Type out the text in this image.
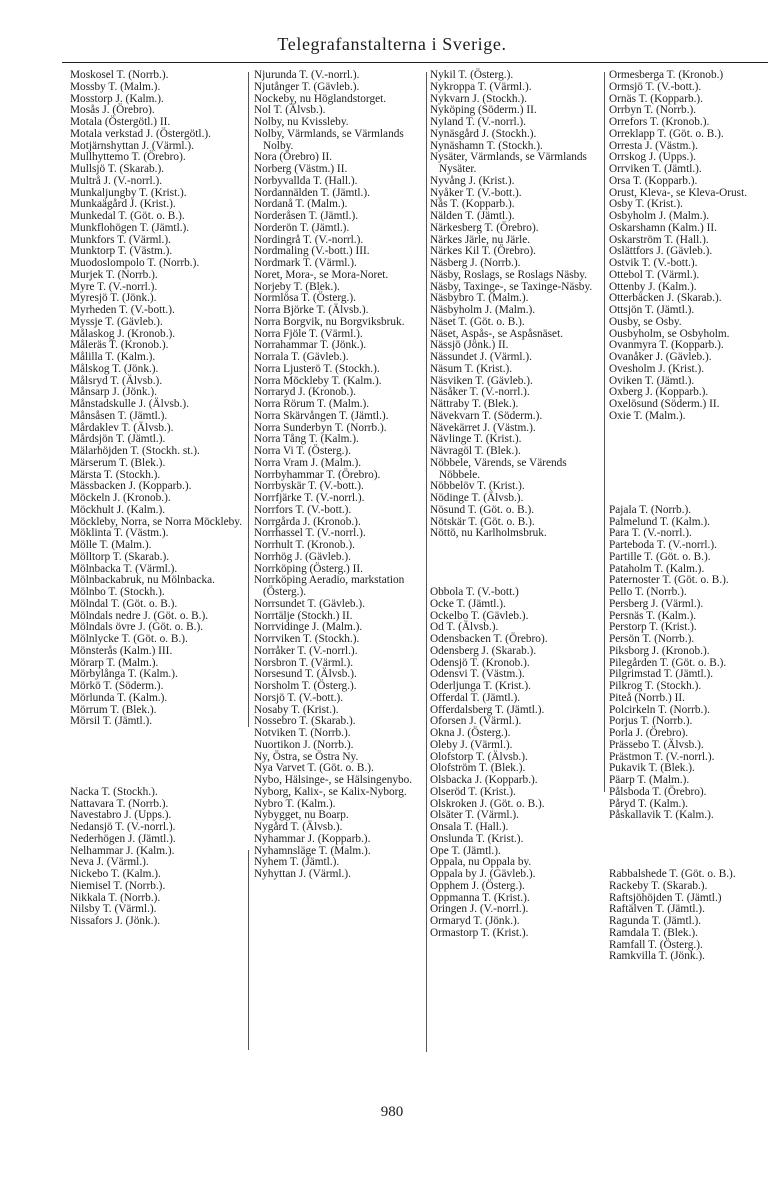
Telegrafanstalterna i Sverige.
Moskosel T. (Norrb.).
Mossby T. (Malm.).
Mosstorp J. (Kalm.).
Mosås J. (Örebro).
Motala (Östergötl.) II.
Motala verkstad J. (Östergötl.).
Motjärnshyttan J. (Värml.).
Mullhyttemo T. (Örebro).
Mullsjö T. (Skarab.).
Multrå J. (V.-norrl.).
Munkaljungby T. (Krist.).
Munkaägård J. (Krist.).
Munkedal T. (Göt. o. B.).
Munkflohögen T. (Jämtl.).
Munkfors T. (Värml.).
Munktorp T. (Västm.).
Muodoslompolo T. (Norrb.).
Murjek T. (Norrb.).
Myre T. (V.-norrl.).
Myresjö T. (Jönk.).
Myrheden T. (V.-bott.).
Myssje T. (Gävleb.).
Målaskog J. (Kronob.).
Måleräs T. (Kronob.).
Målilla T. (Kalm.).
Målskog T. (Jönk.).
Målsryd T. (Älvsb.).
Månsarp J. (Jönk.).
Månstadskulle J. (Älvsb.).
Månsåsen T. (Jämtl.).
Mårdaklev T. (Älvsb.).
Mårdsjön T. (Jämtl.).
Mälarhöjden T. (Stockh. st.).
Märserum T. (Blek.).
Märsta T. (Stockh.).
Mässbacken J. (Kopparb.).
Möckeln J. (Kronob.).
Möckhult J. (Kalm.).
Möckleby, Norra, se Norra Möckleby.
Möklinta T. (Västm.).
Mölle T. (Malm.).
Mölltorp T. (Skarab.).
Mölnbacka T. (Värml.).
Mölnbackabruk, nu Mölnbacka.
Mölnbo T. (Stockh.).
Mölndal T. (Göt. o. B.).
Mölndals nedre J. (Göt. o. B.).
Mölndals övre J. (Göt. o. B.).
Mölnlycke T. (Göt. o. B.).
Mönsterås (Kalm.) III.
Mörarp T. (Malm.).
Mörbylånga T. (Kalm.).
Mörkö T. (Söderm.).
Mörlunda T. (Kalm.).
Mörrum T. (Blek.).
Mörsil T. (Jämtl.).
Nacka T. (Stockh.).
Nattavara T. (Norrb.).
Navestabro J. (Upps.).
Nedansjö T. (V.-norrl.).
Nederhögen J. (Jämtl.).
Nelhammar J. (Kalm.).
Neva J. (Värml.).
Nickebo T. (Kalm.).
Niemisel T. (Norrb.).
Nikkala T. (Norrb.).
Nilsby T. (Värml.).
Nissafors J. (Jönk.).
Njurunda T. (V.-norrl.).
Njutånger T. (Gävleb.).
Nockeby, nu Höglandstorget.
Nol T. (Älvsb.).
Nolby, nu Kvissleby.
Nolby, Värmlands, se Värmlands Nolby.
Nora (Örebro) II.
Norberg (Västm.) II.
Norbyvallda T. (Hall.).
Nordannälden T. (Jämtl.).
Nordanå T. (Malm.).
Norderåsen T. (Jämtl.).
Norderön T. (Jämtl.).
Nordingrå T. (V.-norrl.).
Nordmaling (V.-bott.) III.
Nordmark T. (Värml.).
Noret, Mora-, se Mora-Noret.
Norjeby T. (Blek.).
Normlösa T. (Österg.).
Norra Björke T. (Älvsb.).
Norra Borgvik, nu Borgviksbruk.
Norra Fjöle T. (Värml.).
Norrahammar T. (Jönk.).
Norrala T. (Gävleb.).
Norra Ljusterö T. (Stockh.).
Norra Möckleby T. (Kalm.).
Norraryd J. (Kronob.).
Norra Rörum T. (Malm.).
Norra Skärvången T. (Jämtl.).
Norra Sunderbyn T. (Norrb.).
Norra Tång T. (Kalm.).
Norra Vi T. (Österg.).
Norra Vram J. (Malm.).
Norrbyhammar T. (Örebro).
Norrbyskär T. (V.-bott.).
Norrfjärke T. (V.-norrl.).
Norrfors T. (V.-bott.).
Norrgårda J. (Kronob.).
Norrhassel T. (V.-norrl.).
Norrhult T. (Kronob.).
Norrhög J. (Gävleb.).
Norrköping (Österg.) II.
Norrköping Aeradio, markstation (Österg.).
Norrsundet T. (Gävleb.).
Norrtälje (Stockh.) II.
Norrvidinge J. (Malm.).
Norrviken T. (Stockh.).
Norråker T. (V.-norrl.).
Norsbron T. (Värml.).
Norsesund T. (Älvsb.).
Norsholm T. (Österg.).
Norsjö T. (V.-bott.).
Nosaby T. (Krist.).
Nossebro T. (Skarab.).
Notviken T. (Norrb.).
Nuortikon J. (Norrb.).
Ny, Östra, se Östra Ny.
Nya Varvet T. (Göt. o. B.).
Nybo, Hälsinge-, se Hälsingenybo.
Nyborg, Kalix-, se Kalix-Nyborg.
Nybro T. (Kalm.).
Nybygget, nu Boarp.
Nygård T. (Älvsb.).
Nyhammar J. (Kopparb.).
Nyhamnsläge T. (Malm.).
Nyhem T. (Jämtl.).
Nyhyttan J. (Värml.).
Nykil T. (Österg.).
Nykroppa T. (Värml.).
Nykvarn J. (Stockh.).
Nyköping (Söderm.) II.
Nyland T. (V.-norrl.).
Nynäsgård J. (Stockh.).
Nynäshamn T. (Stockh.).
Nysäter, Värmlands, se Värmlands Nysäter.
Nyvång J. (Krist.).
Nyåker T. (V.-bott.).
Nås T. (Kopparb.).
Nälden T. (Jämtl.).
Närkesberg T. (Örebro).
Närkes Järle, nu Järle.
Närkes Kil T. (Örebro).
Näsberg J. (Norrb.).
Näsby, Roslags, se Roslags Näsby.
Näsby, Taxinge-, se Taxinge-Näsby.
Näsbybro T. (Malm.).
Näsbyholm J. (Malm.).
Näset T. (Göt. o. B.).
Näset, Aspås-, se Aspåsnäset.
Nässjö (Jönk.) II.
Nässundet J. (Värml.).
Näsum T. (Krist.).
Näsviken T. (Gävleb.).
Näsåker T. (V.-norrl.).
Nättraby T. (Blek.).
Nävekvarn T. (Söderm.).
Nävekärret J. (Västm.).
Nävlinge T. (Krist.).
Nävragöl T. (Blek.).
Nöbbele, Värends, se Värends Nöbbele.
Nöbbelöv T. (Krist.).
Nödinge T. (Älvsb.).
Nösund T. (Göt. o. B.).
Nötskär T. (Göt. o. B.).
Nöttö, nu Karlholmsbruk.
Obbola T. (V.-bott.)
Ocke T. (Jämtl.).
Ockelbo T. (Gävleb.).
Od T. (Älvsb.).
Odensbacken T. (Örebro).
Odensberg J. (Skarab.).
Odensjö T. (Kronob.).
Odensvi T. (Västm.).
Oderljunga T. (Krist.).
Offerdal T. (Jämtl.).
Offerdalsberg T. (Jämtl.).
Oforsen J. (Värml.).
Okna J. (Österg.).
Oleby J. (Värml.).
Olofstorp T. (Älvsb.).
Olofström T. (Blek.).
Olsbacka J. (Kopparb.).
Olseröd T. (Krist.).
Olskroken J. (Göt. o. B.).
Olsäter T. (Värml.).
Onsala T. (Hall.).
Onslunda T. (Krist.).
Ope T. (Jämtl.).
Oppala, nu Oppala by.
Oppala by J. (Gävleb.).
Opphem J. (Österg.).
Oppmanna T. (Krist.).
Oringen J. (V.-norrl.).
Ormaryd T. (Jönk.).
Ormastorp T. (Krist.).
Ormesberga T. (Kronob.)
Ormsjö T. (V.-bott.).
Ornäs T. (Kopparb.).
Orrbyn T. (Norrb.).
Orrefors T. (Kronob.).
Orreklapp T. (Göt. o. B.).
Orresta J. (Västm.).
Orrskog J. (Upps.).
Orrviken T. (Jämtl.).
Orsa T. (Kopparb.).
Orust, Kleva-, se Kleva-Orust.
Osby T. (Krist.).
Osbyholm J. (Malm.).
Oskarshamn (Kalm.) II.
Oskarström T. (Hall.).
Oslättfors J. (Gävleb.).
Ostvik T. (V.-bott.).
Ottebol T. (Värml.).
Ottenby J. (Kalm.).
Otterbäcken J. (Skarab.).
Ottsjön T. (Jämtl.).
Ousby, se Osby.
Ousbyholm, se Osbyholm.
Ovanmyra T. (Kopparb.).
Ovanåker J. (Gävleb.).
Ovesholm J. (Krist.).
Oviken T. (Jämtl.).
Oxberg J. (Kopparb.).
Oxelösund (Söderm.) II.
Oxie T. (Malm.).
Pajala T. (Norrb.).
Palmelund T. (Kalm.).
Para T. (V.-norrl.).
Parteboda T. (V.-norrl.).
Partille T. (Göt. o. B.).
Pataholm T. (Kalm.).
Paternoster T. (Göt. o. B.).
Pello T. (Norrb.).
Persberg J. (Värml.).
Persnäs T. (Kalm.).
Perstorp T. (Krist.).
Persön T. (Norrb.).
Piksborg J. (Kronob.).
Pilegården T. (Göt. o. B.).
Pilgrimstad T. (Jämtl.).
Pilkrog T. (Stockh.).
Piteå (Norrb.) II.
Polcirkeln T. (Norrb.).
Porjus T. (Norrb.).
Porla J. (Örebro).
Prässebo T. (Älvsb.).
Prästmon T. (V.-norrl.).
Pukavik T. (Blek.).
Päarp T. (Malm.).
Pålsboda T. (Örebro).
Påryd T. (Kalm.).
Påskallavik T. (Kalm.).
Rabbalshede T. (Göt. o. B.).
Rackeby T. (Skarab.).
Raftsjöhöjden T. (Jämtl.)
Raftälven T. (Jämtl.).
Ragunda T. (Jämtl.).
Ramdala T. (Blek.).
Ramfall T. (Österg.).
Ramkvilla T. (Jönk.).
980
